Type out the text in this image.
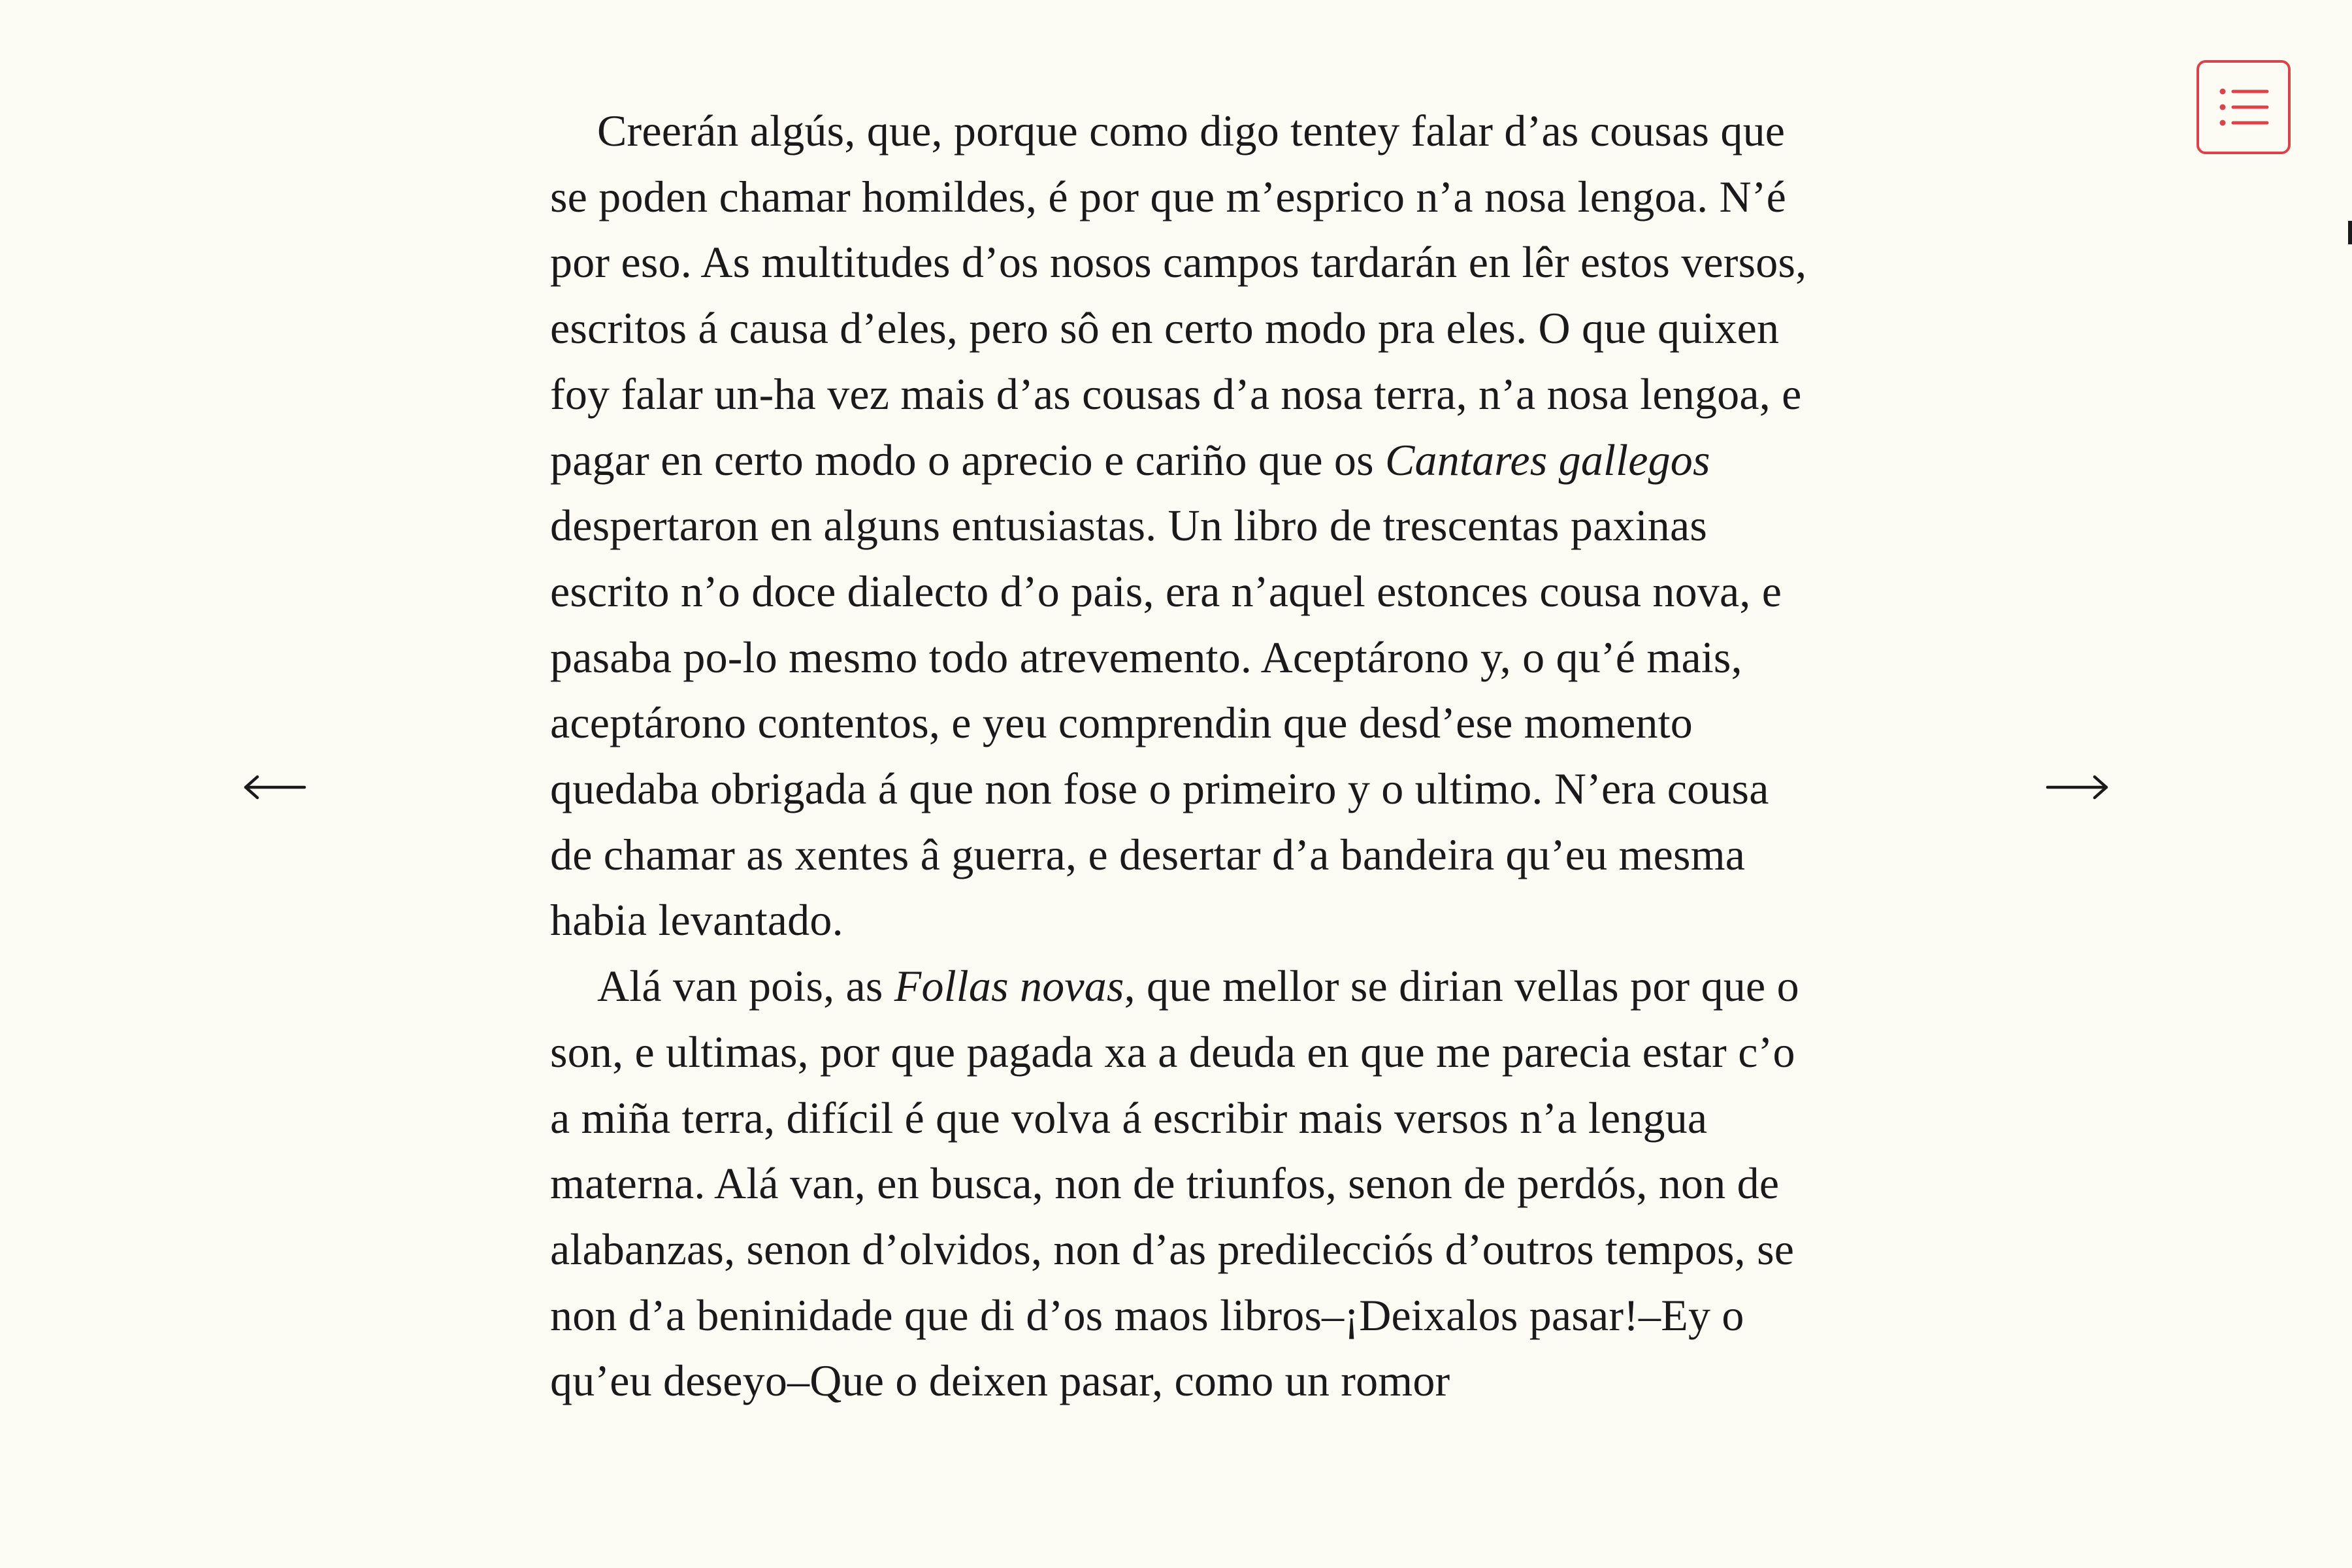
Creerán algús, que, porque como digo tentey falar d’as cousas que se poden chamar homildes, é por que m’esprico n’a nosa lengoa. N’é por eso. As multitudes d’os nosos campos tardarán en lêr estos versos, escritos á causa d’eles, pero sô en certo modo pra eles. O que quixen foy falar un-ha vez mais d’as cousas d’a nosa terra, n’a nosa lengoa, e pagar en certo modo o aprecio e cariño que os Cantares gallegos despertaron en alguns entusiastas. Un libro de trescentas paxinas escrito n’o doce dialecto d’o pais, era n’aquel estonces cousa nova, e pasaba po-lo mesmo todo atrevemento. Aceptárono y, o qu’é mais, aceptárono contentos, e yeu comprendin que desd’ese momento quedaba obrigada á que non fose o primeiro y o ultimo. N’era cousa de chamar as xentes â guerra, e desertar d’a bandeira qu’eu mesma habia levantado.

Alá van pois, as Follas novas, que mellor se dirian vellas por que o son, e ultimas, por que pagada xa a deuda en que me parecia estar c’o a miña terra, difícil é que volva á escribir mais versos n’a lengua materna. Alá van, en busca, non de triunfos, senon de perdós, non de alabanzas, senon d’olvidos, non d’as predilecciós d’outros tempos, se non d’a beninidade que di d’os maos libros–¡Deixalos pasar!–Ey o qu’eu deseyo–Que o deixen pasar, como un romor
